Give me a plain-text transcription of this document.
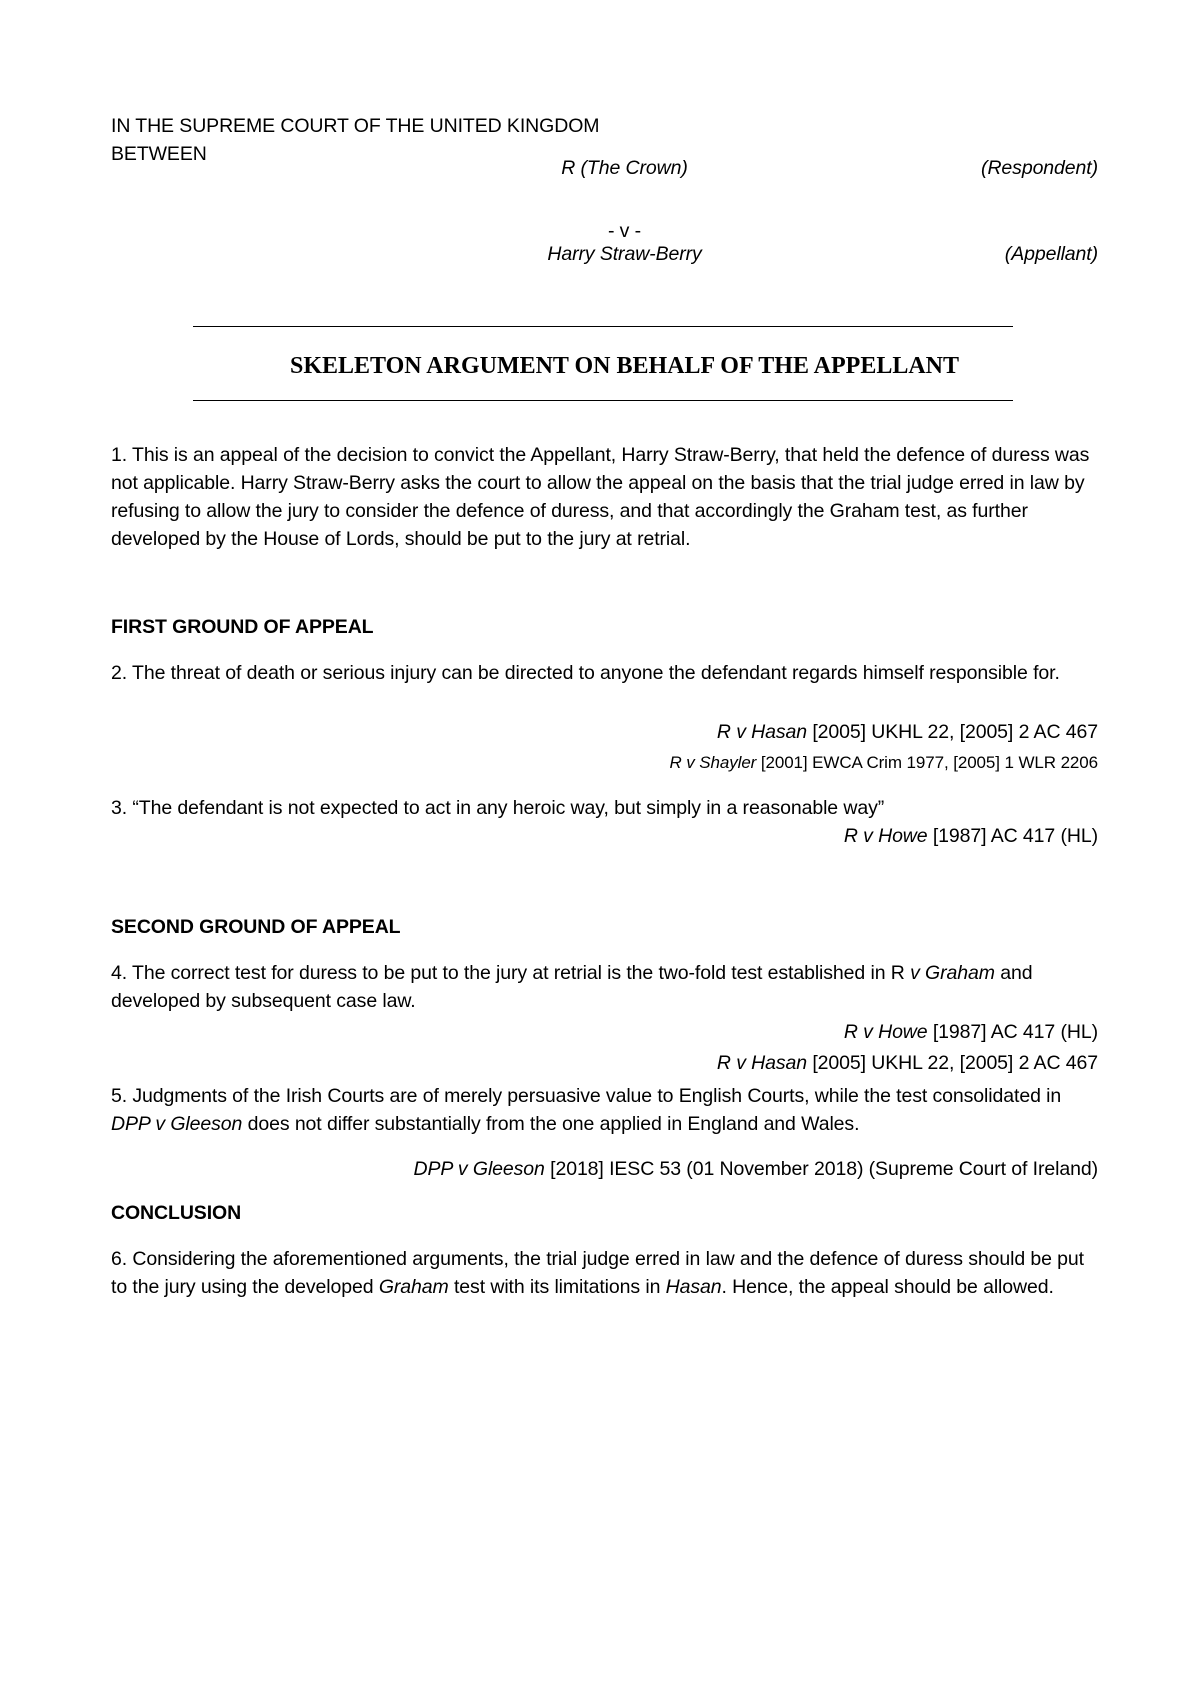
IN THE SUPREME COURT OF THE UNITED KINGDOM
BETWEEN
R (The Crown)	(Respondent)
- v -
Harry Straw-Berry	(Appellant)
SKELETON ARGUMENT ON BEHALF OF THE APPELLANT

1. This is an appeal of the decision to convict the Appellant, Harry Straw-Berry, that held the defence of duress was not applicable. Harry Straw-Berry asks the court to allow the appeal on the basis that the trial judge erred in law by refusing to allow the jury to consider the defence of duress, and that accordingly the Graham test, as further developed by the House of Lords, should be put to the jury at retrial.

FIRST GROUND OF APPEAL

2. The threat of death or serious injury can be directed to anyone the defendant regards himself responsible for.

R v Hasan [2005] UKHL 22, [2005] 2 AC 467
R v Shayler [2001] EWCA Crim 1977, [2005] 1 WLR 2206

3. “The defendant is not expected to act in any heroic way, but simply in a reasonable way”

R v Howe [1987] AC 417 (HL)
SECOND GROUND OF APPEAL

4. The correct test for duress to be put to the jury at retrial is the two-fold test established in R v Graham and developed by subsequent case law.

R v Howe [1987] AC 417 (HL)
R v Hasan [2005] UKHL 22, [2005] 2 AC 467

5. Judgments of the Irish Courts are of merely persuasive value to English Courts, while the test consolidated in DPP v Gleeson does not differ substantially from the one applied in England and Wales.

DPP v Gleeson [2018] IESC 53 (01 November 2018) (Supreme Court of Ireland)
CONCLUSION

6. Considering the aforementioned arguments, the trial judge erred in law and the defence of duress should be put to the jury using the developed Graham test with its limitations in Hasan. Hence, the appeal should be allowed.
